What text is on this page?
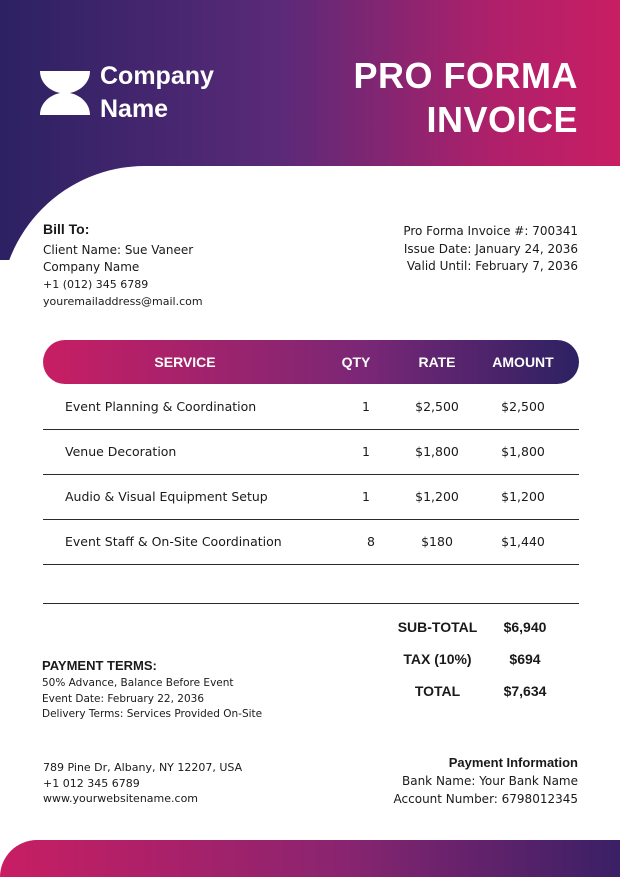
Company
Name
PRO FORMA
INVOICE
Bill To:
Client Name: Sue Vaneer
Company Name
+1 (012) 345 6789
youremailaddress@mail.com
Pro Forma Invoice #: 700341
Issue Date: January 24, 2036
Valid Until: February 7, 2036
SERVICE	QTY	RATE	AMOUNT
Event Planning & Coordination	1	$2,500	$2,500
Venue Decoration	1	$1,800	$1,800
Audio & Visual Equipment Setup	1	$1,200	$1,200
Event Staff & On-Site Coordination	8	$180	$1,440
SUB-TOTAL	$6,940
TAX (10%)	$694
TOTAL	$7,634
PAYMENT TERMS:
50% Advance, Balance Before Event
Event Date: February 22, 2036
Delivery Terms: Services Provided On-Site
789 Pine Dr, Albany, NY 12207, USA
+1 012 345 6789
www.yourwebsitename.com
Payment Information
Bank Name: Your Bank Name
Account Number: 6798012345
